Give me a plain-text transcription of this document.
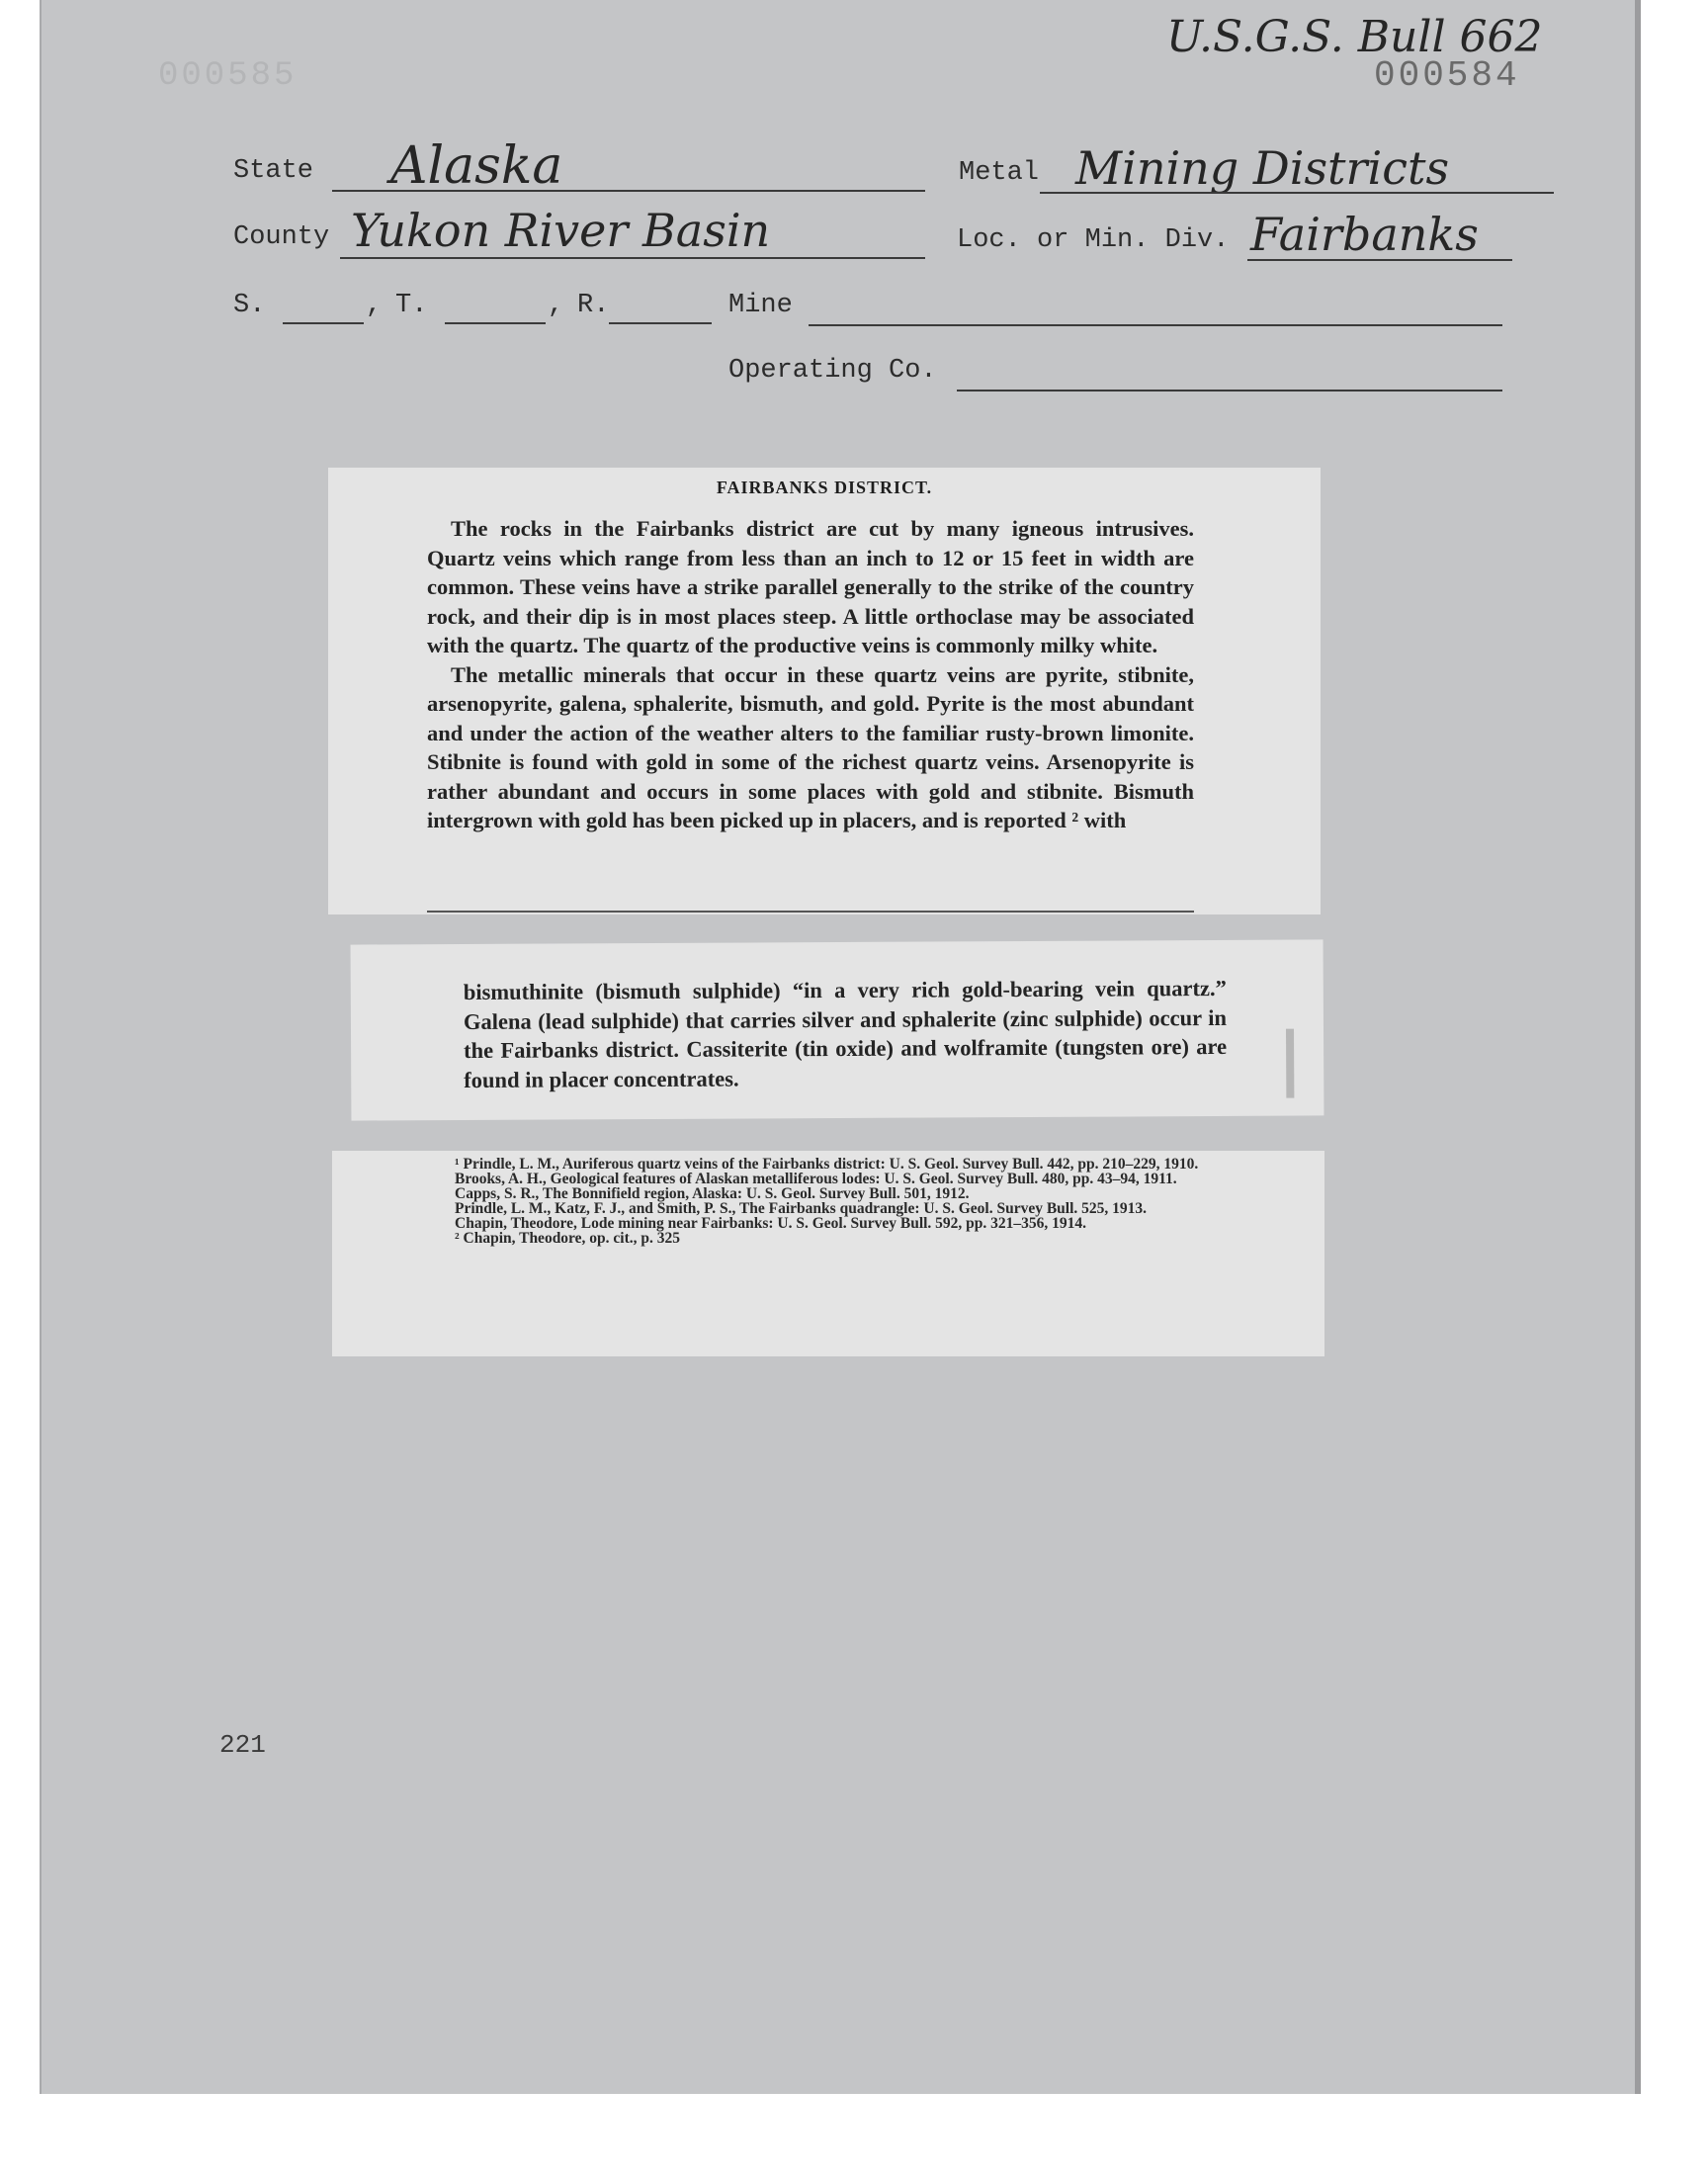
U.S.G.S. Bull 662
000584
000585
State Alaska	Metal Mining Districts
County Yukon River Basin	Loc. or Min. Div. Fairbanks
S.	, T.	, R.	Mine
Operating Co.
FAIRBANKS DISTRICT.

The rocks in the Fairbanks district are cut by many igneous intrusives. Quartz veins which range from less than an inch to 12 or 15 feet in width are common. These veins have a strike parallel generally to the strike of the country rock, and their dip is in most places steep. A little orthoclase may be associated with the quartz. The quartz of the productive veins is commonly milky white.

The metallic minerals that occur in these quartz veins are pyrite, stibnite, arsenopyrite, galena, sphalerite, bismuth, and gold. Pyrite is the most abundant and under the action of the weather alters to the familiar rusty-brown limonite. Stibnite is found with gold in some of the richest quartz veins. Arsenopyrite is rather abundant and occurs in some places with gold and stibnite. Bismuth intergrown with gold has been picked up in placers, and is reported ² with

bismuthinite (bismuth sulphide) “in a very rich gold-bearing vein quartz.” Galena (lead sulphide) that carries silver and sphalerite (zinc sulphide) occur in the Fairbanks district. Cassiterite (tin oxide) and wolframite (tungsten ore) are found in placer concentrates.

¹ Prindle, L. M., Auriferous quartz veins of the Fairbanks district: U. S. Geol. Survey Bull. 442, pp. 210–229, 1910.

Brooks, A. H., Geological features of Alaskan metalliferous lodes: U. S. Geol. Survey Bull. 480, pp. 43–94, 1911.

Capps, S. R., The Bonnifield region, Alaska: U. S. Geol. Survey Bull. 501, 1912.

Prindle, L. M., Katz, F. J., and Smith, P. S., The Fairbanks quadrangle: U. S. Geol. Survey Bull. 525, 1913.

Chapin, Theodore, Lode mining near Fairbanks: U. S. Geol. Survey Bull. 592, pp. 321–356, 1914.

² Chapin, Theodore, op. cit., p. 325

221
